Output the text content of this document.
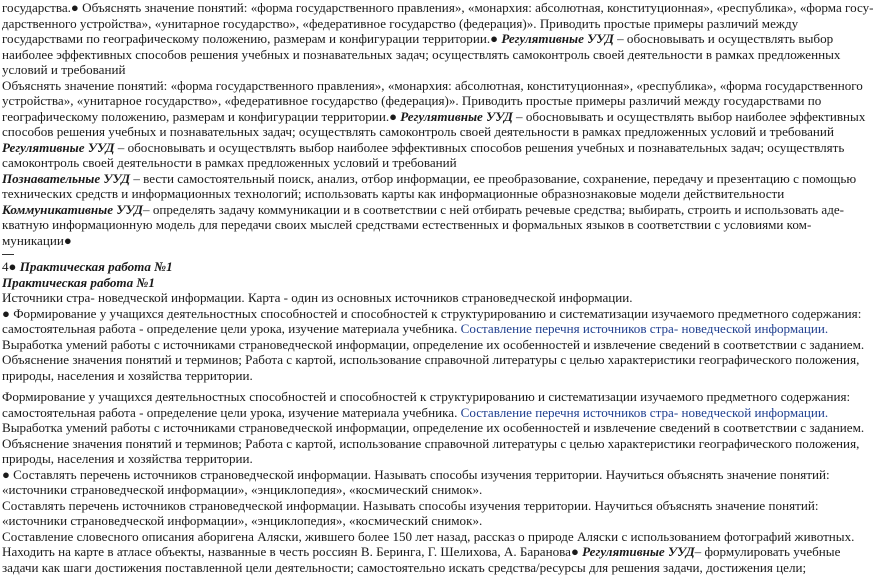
государства.● Объяснять значение понятий: «форма государственного правления», «монархия: абсолютная, конституционная», «республика», «форма госу-
дарственного устройства», «унитарное государство», «федеративное государство (федерация)». Приводить простые примеры различий между
государствами по географическому положению, размерам и конфигурации территории.● Регулятивные УУД – обосновывать и осуществлять выбор
наиболее эффективных способов решения учебных и познавательных задач; осуществлять самоконтроль своей деятельности в рамках предложенных
условий и требований
Объяснять значение понятий: «форма государственного правления», «монархия: абсолютная, конституционная», «республика», «форма государственного
устройства», «унитарное государство», «федеративное государство (федерация)». Приводить простые примеры различий между государствами по
географическому положению, размерам и конфигурации территории.● Регулятивные УУД – обосновывать и осуществлять выбор наиболее эффективных
способов решения учебных и познавательных задач; осуществлять самоконтроль своей деятельности в рамках предложенных условий и требований
Регулятивные УУД – обосновывать и осуществлять выбор наиболее эффективных способов решения учебных и познавательных задач; осуществлять
самоконтроль своей деятельности в рамках предложенных условий и требований
Познавательные УУД – вести самостоятельный поиск, анализ, отбор информации, ее преобразование, сохранение, передачу и презентацию с помощью
технических средств и информационных технологий; использовать карты как информационные образнознаковые модели действительности
Коммуникативные УУД– определять задачу коммуникации и в соответствии с ней отбирать речевые средства; выбирать, строить и использовать аде-
кватную информационную модель для передачи своих мыслей средствами естественных и формальных языков в соответствии с условиями ком-
муникации●
4● Практическая работа №1
Практическая работа №1
Источники стра- новедческой информации. Карта - один из основных источников страноведческой информации.
● Формирование у учащихся деятельностных способностей и способностей к структурированию и систематизации изучаемого предметного содержания:
самостоятельная работа - определение цели урока, изучение материала учебника. Составление перечня источников стра- новедческой информации.
Выработка умений работы с источниками страноведческой информации, определение их особенностей и извлечение сведений в соответствии с заданием.
Объяснение значения понятий и терминов; Работа с картой, использование справочной литературы с целью характеристики географического положения,
природы, населения и хозяйства территории.
Формирование у учащихся деятельностных способностей и способностей к структурированию и систематизации изучаемого предметного содержания:
самостоятельная работа - определение цели урока, изучение материала учебника. Составление перечня источников стра- новедческой информации.
Выработка умений работы с источниками страноведческой информации, определение их особенностей и извлечение сведений в соответствии с заданием.
Объяснение значения понятий и терминов; Работа с картой, использование справочной литературы с целью характеристики географического положения,
природы, населения и хозяйства территории.
● Составлять перечень источников страноведческой информации. Называть способы изучения территории. Научиться объяснять значение понятий:
«источники страноведческой информации», «энциклопедия», «космический снимок».
Составлять перечень источников страноведческой информации. Называть способы изучения территории. Научиться объяснять значение понятий:
«источники страноведческой информации», «энциклопедия», «космический снимок».
Составление словесного описания аборигена Аляски, жившего более 150 лет назад, рассказ о природе Аляски с использованием фотографий животных.
Находить на карте в атласе объекты, названные в честь россиян В. Беринга, Г. Шелихова, А. Баранова● Регулятивные УУД– формулировать учебные
задачи как шаги достижения поставленной цели деятельности; самостоятельно искать средства/ресурсы для решения задачи, достижения цели;
